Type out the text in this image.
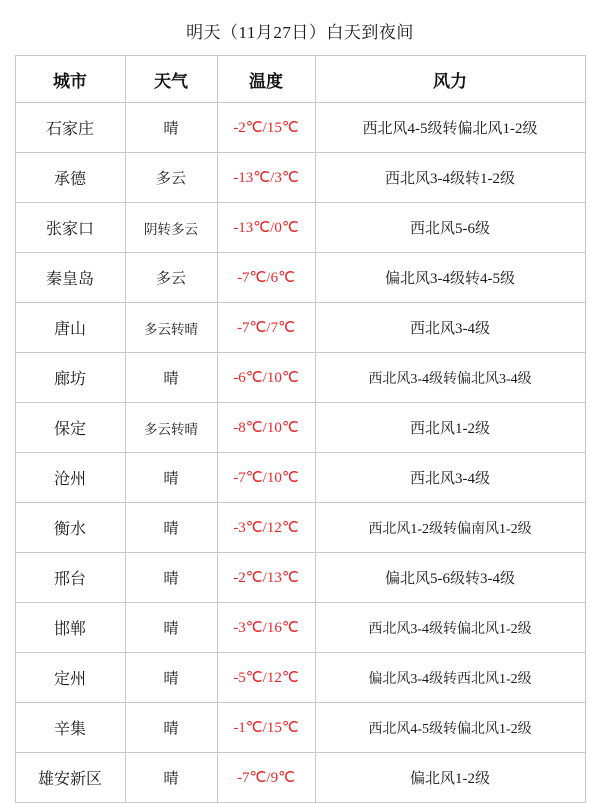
明天（11月27日）白天到夜间
城市	天气	温度	风力
石家庄	晴	-2℃/15℃	西北风4-5级转偏北风1-2级
承德	多云	-13℃/3℃	西北风3-4级转1-2级
张家口	阴转多云	-13℃/0℃	西北风5-6级
秦皇岛	多云	-7℃/6℃	偏北风3-4级转4-5级
唐山	多云转晴	-7℃/7℃	西北风3-4级
廊坊	晴	-6℃/10℃	西北风3-4级转偏北风3-4级
保定	多云转晴	-8℃/10℃	西北风1-2级
沧州	晴	-7℃/10℃	西北风3-4级
衡水	晴	-3℃/12℃	西北风1-2级转偏南风1-2级
邢台	晴	-2℃/13℃	偏北风5-6级转3-4级
邯郸	晴	-3℃/16℃	西北风3-4级转偏北风1-2级
定州	晴	-5℃/12℃	偏北风3-4级转西北风1-2级
辛集	晴	-1℃/15℃	西北风4-5级转偏北风1-2级
雄安新区	晴	-7℃/9℃	偏北风1-2级
